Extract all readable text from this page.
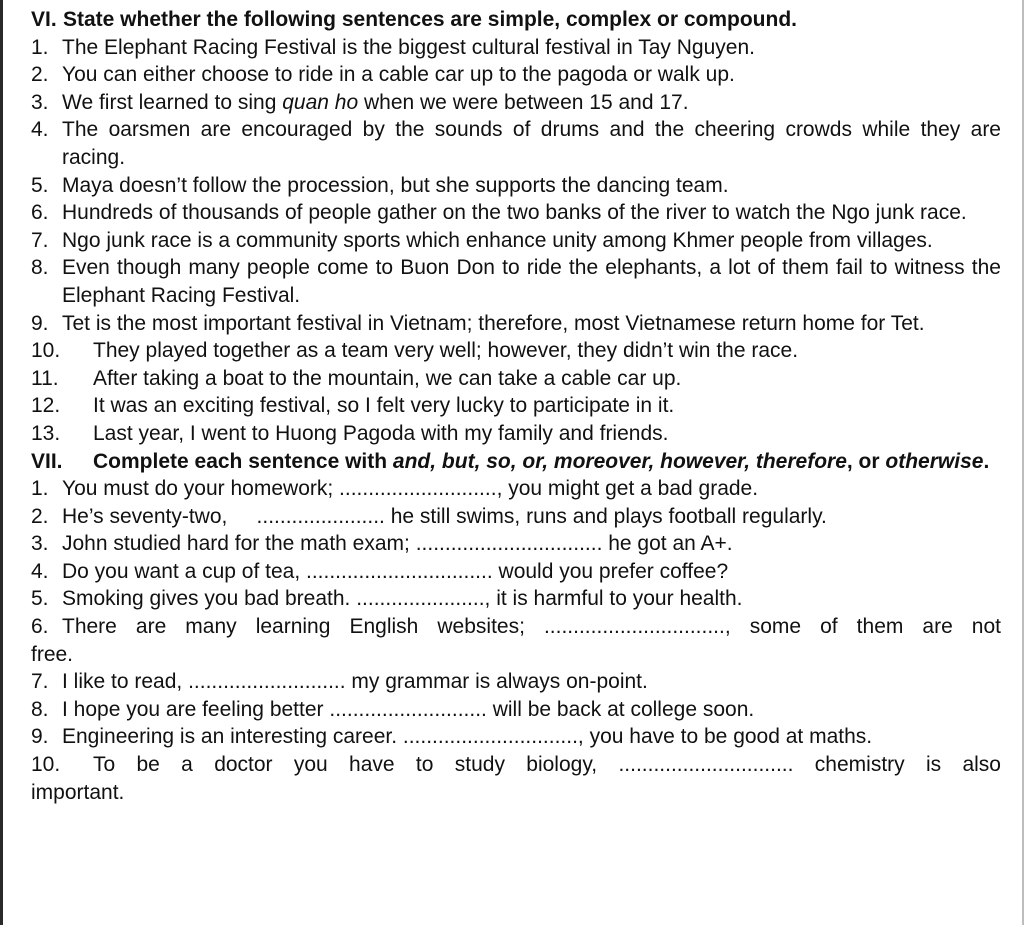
VI. State whether the following sentences are simple, complex or compound.
1. The Elephant Racing Festival is the biggest cultural festival in Tay Nguyen.
2. You can either choose to ride in a cable car up to the pagoda or walk up.
3. We first learned to sing quan ho when we were between 15 and 17.
4. The oarsmen are encouraged by the sounds of drums and the cheering crowds while they are racing.
5. Maya doesn’t follow the procession, but she supports the dancing team.
6. Hundreds of thousands of people gather on the two banks of the river to watch the Ngo junk race.
7. Ngo junk race is a community sports which enhance unity among Khmer people from villages.
8. Even though many people come to Buon Don to ride the elephants, a lot of them fail to witness the Elephant Racing Festival.
9. Tet is the most important festival in Vietnam; therefore, most Vietnamese return home for Tet.
10.	They played together as a team very well; however, they didn’t win the race.
11.	After taking a boat to the mountain, we can take a cable car up.
12.	It was an exciting festival, so I felt very lucky to participate in it.
13.	Last year, I went to Huong Pagoda with my family and friends.
VII.	Complete each sentence with and, but, so, or, moreover, however, therefore, or otherwise.
1. You must do your homework; ..........................., you might get a bad grade.
2. He’s seventy-two,     ...................... he still swims, runs and plays football regularly.
3. John studied hard for the math exam; ................................ he got an A+.
4. Do you want a cup of tea, ................................ would you prefer coffee?
5. Smoking gives you bad breath. ......................, it is harmful to your health.
6. There are many learning English websites; ..............................., some of them are not
free.
7. I like to read, ........................... my grammar is always on-point.
8. I hope you are feeling better ........................... will be back at college soon.
9. Engineering is an interesting career. .............................., you have to be good at maths.
10.	To be a doctor you have to study biology, .............................. chemistry is also
important.
